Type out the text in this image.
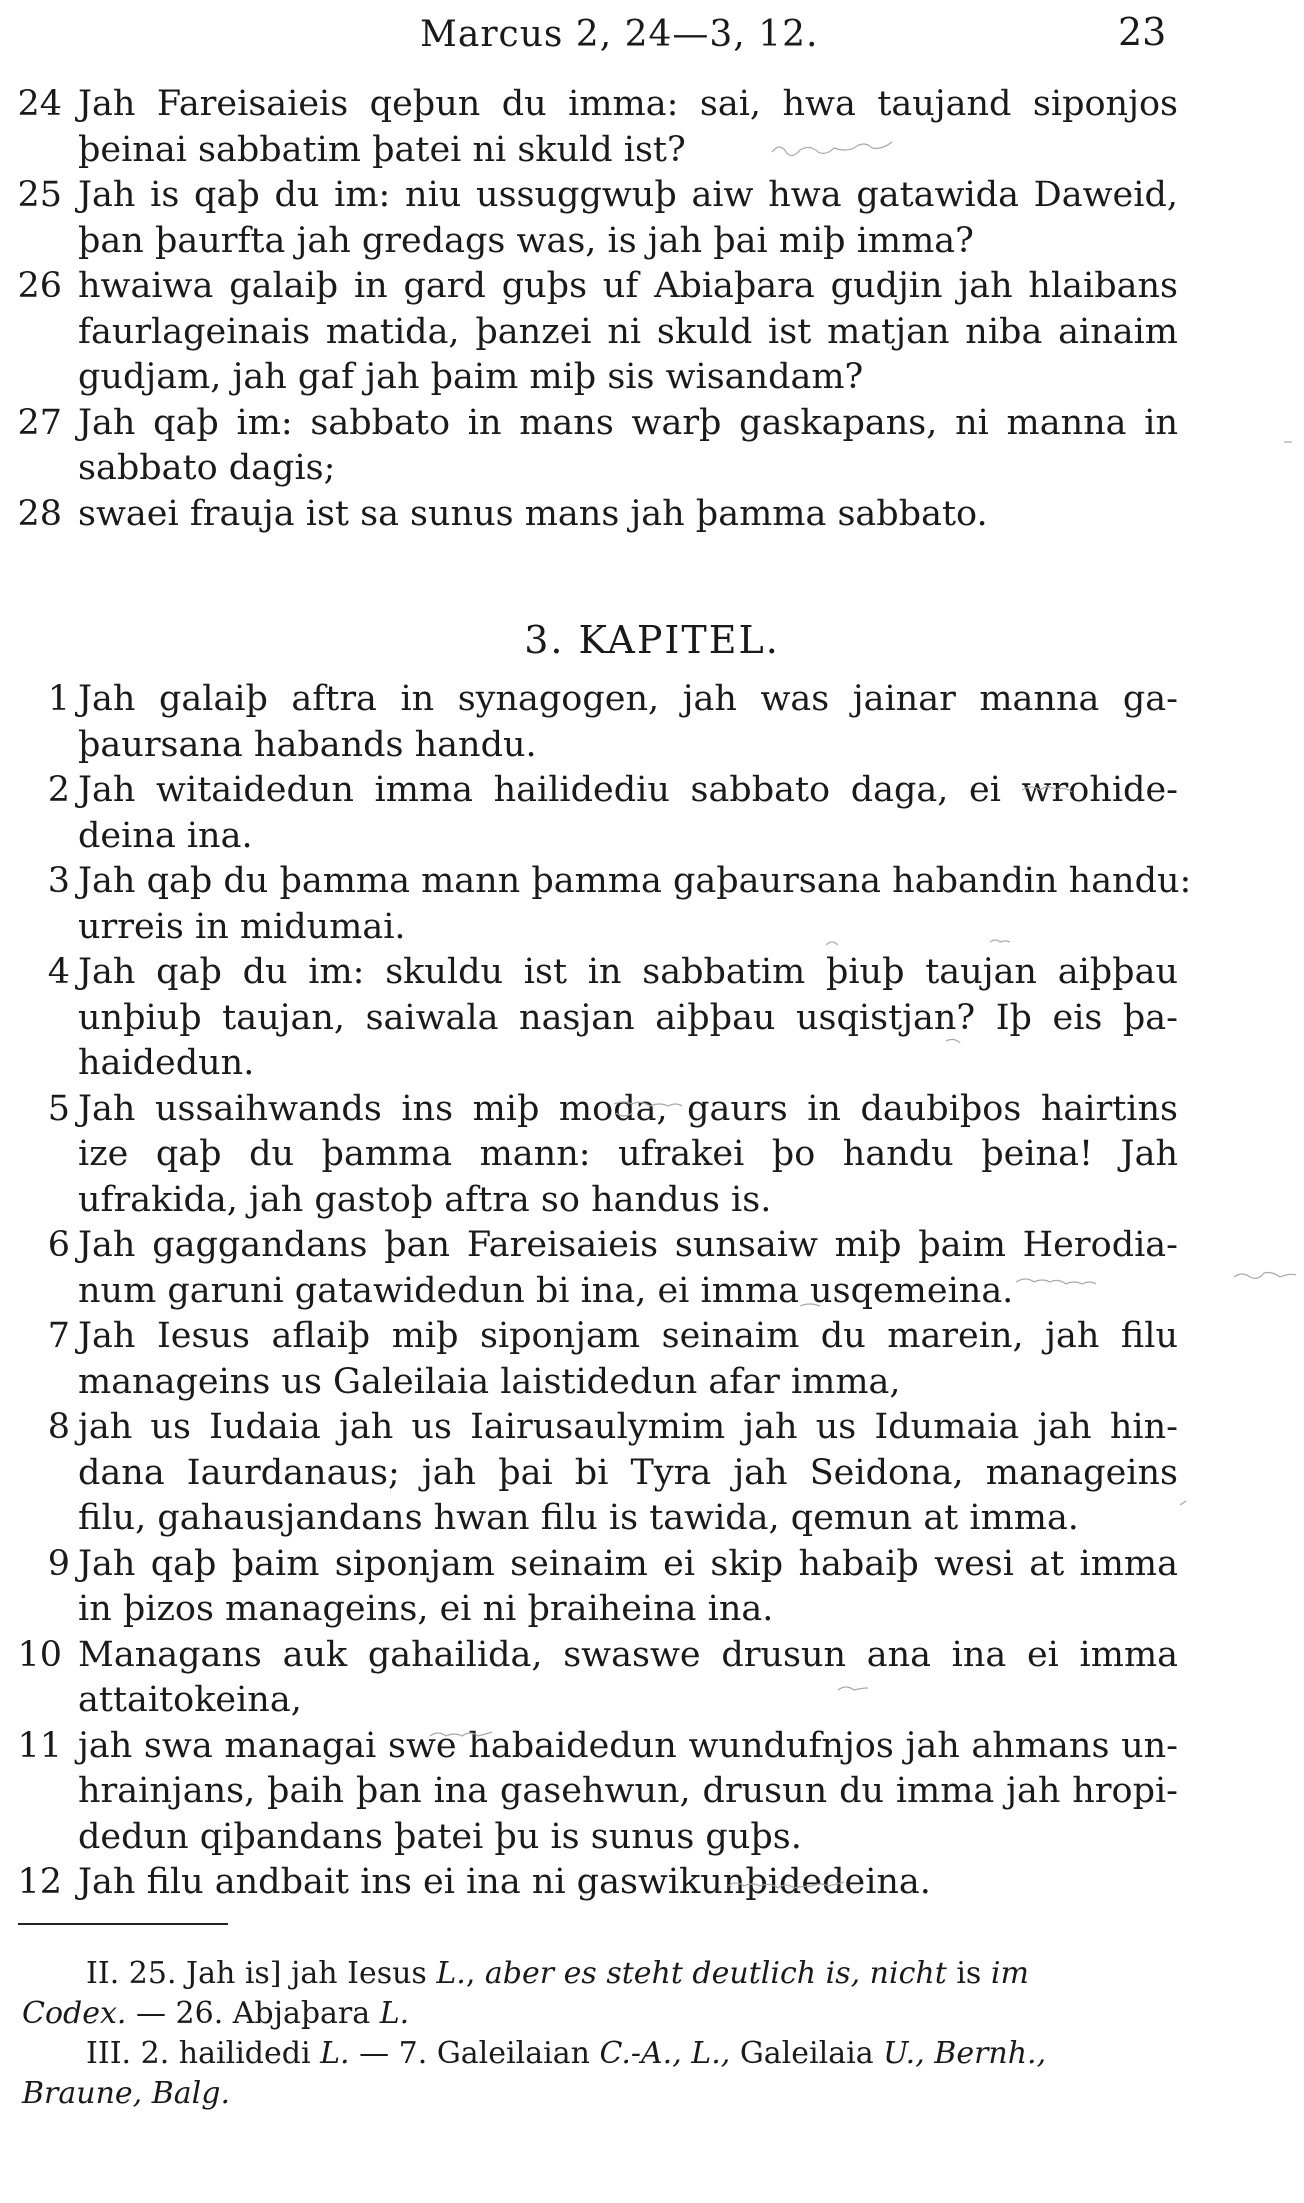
Marcus 2, 24—3, 12.	23
24 Jah Fareisaieis qeþun du imma: sai, hwa taujand siponjos
þeinai sabbatim þatei ni skuld ist?
25 Jah is qaþ du im: niu ussuggwuþ aiw hwa gatawida Daweid,
þan þaurfta jah gredags was, is jah þai miþ imma?
26 hwaiwa galaiþ in gard guþs uf Abiaþara gudjin jah hlaibans
faurlageinais matida, þanzei ni skuld ist matjan niba ainaim
gudjam, jah gaf jah þaim miþ sis wisandam?
27 Jah qaþ im: sabbato in mans warþ gaskapans, ni manna in
sabbato dagis;
28 swaei frauja ist sa sunus mans jah þamma sabbato.
1 Jah galaiþ aftra in synagogen, jah was jainar manna ga-
þaursana habands handu.
2 Jah witaidedun imma hailidediu sabbato daga, ei wrohide-
deina ina.
3 Jah qaþ du þamma mann þamma gaþaursana habandin handu:
urreis in midumai.
4 Jah qaþ du im: skuldu ist in sabbatim þiuþ taujan aiþþau
unþiuþ taujan, saiwala nasjan aiþþau usqistjan? Iþ eis þa-
haidedun.
5 Jah ussaihwands ins miþ moda, gaurs in daubiþos hairtins
ize qaþ du þamma mann: ufrakei þo handu þeina! Jah
ufrakida, jah gastoþ aftra so handus is.
6 Jah gaggandans þan Fareisaieis sunsaiw miþ þaim Herodia-
num garuni gatawidedun bi ina, ei imma usqemeina.
7 Jah Iesus aflaiþ miþ siponjam seinaim du marein, jah filu
manageins us Galeilaia laistidedun afar imma,
8 jah us Iudaia jah us Iairusaulymim jah us Idumaia jah hin-
dana Iaurdanaus; jah þai bi Tyra jah Seidona, manageins
filu, gahausjandans hwan filu is tawida, qemun at imma.
9 Jah qaþ þaim siponjam seinaim ei skip habaiþ wesi at imma
in þizos manageins, ei ni þraiheina ina.
10 Managans auk gahailida, swaswe drusun ana ina ei imma
attaitokeina,
11 jah swa managai swe habaidedun wundufnjos jah ahmans un-
hrainjans, þaih þan ina gasehwun, drusun du imma jah hropi-
dedun qiþandans þatei þu is sunus guþs.
12 Jah filu andbait ins ei ina ni gaswikunþidedeina.
3. KAPITEL.
II. 25. Jah is] jah Iesus L., aber es steht deutlich is, nicht is im
Codex. — 26. Abjaþara L.
III. 2. hailidedi L. — 7. Galeilaian C.-A., L., Galeilaia U., Bernh.,
Braune, Balg.
